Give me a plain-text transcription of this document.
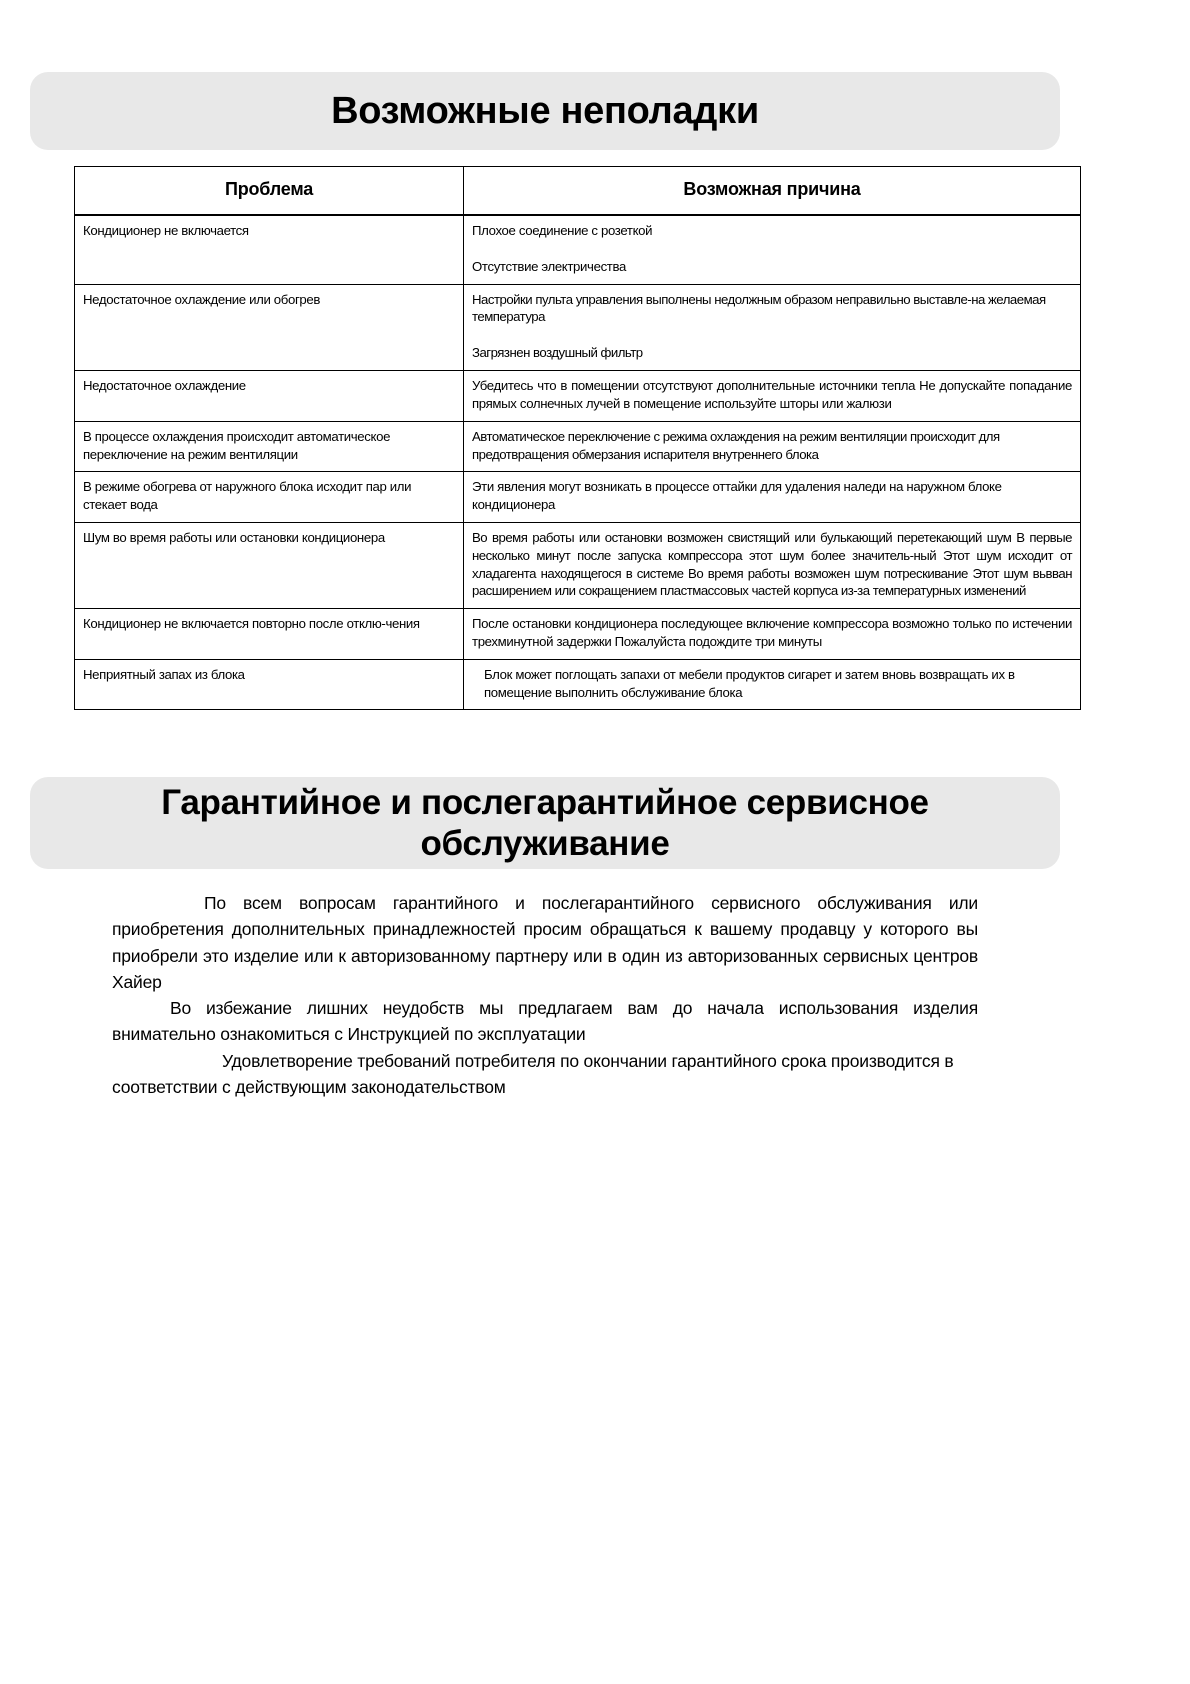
Возможные неполадки
Проблема	Возможная причина

Кондиционер не включается	Плохое соединение с розеткой

Отсутствие электричества

Недостаточное охлаждение или обогрев	Настройки пульта управления выполнены недолжным образом неправильно выставле-на желаемая температура

Загрязнен воздушный фильтр

Недостаточное охлаждение	Убедитесь что в помещении отсутствуют дополнительные источники тепла Не допускайте попадание прямых солнечных лучей в помещение используйте шторы или жалюзи

В процессе охлаждения происходит автоматическое переключение на режим вентиляции	Автоматическое переключение с режима охлаждения на режим вентиляции происходит для предотвращения обмерзания испарителя внутреннего блока

В режиме обогрева от наружного блока исходит пар или стекает вода	Эти явления могут возникать в процессе оттайки для удаления наледи на наружном блоке кондиционера

Шум во время работы или остановки кондиционера	Во время работы или остановки возможен свистящий или булькающий перетекающий шум В первые несколько минут после запуска компрессора этот шум более значитель-ный Этот шум исходит от хладагента находящегося в системе Во время работы возможен шум потрескивание Этот шум вьвван расширением или сокращением пластмассовых частей корпуса из-за температурных изменений

Кондиционер не включается повторно после отклю-чения	После остановки кондиционера последующее включение компрессора возможно только по истечении трехминутной задержки Пожалуйста подождите три минуты

Неприятный запах из блока	Блок может поглощать запахи от мебели продуктов сигарет и затем вновь возвращать их в помещение выполнить обслуживание блока

Гарантийное и послегарантийное сервисное
обслуживание

По всем вопросам гарантийного и послегарантийного сервисного обслуживания или приобретения дополнительных принадлежностей просим обращаться к вашему продавцу у которого вы приобрели это изделие или к авторизованному партнеру или в один из авторизованных сервисных центров Хайер

Во избежание лишних неудобств мы предлагаем вам до начала использования изделия внимательно ознакомиться с Инструкцией по эксплуатации

Удовлетворение требований потребителя по окончании гарантийного срока производится в соответствии с действующим законодательством
